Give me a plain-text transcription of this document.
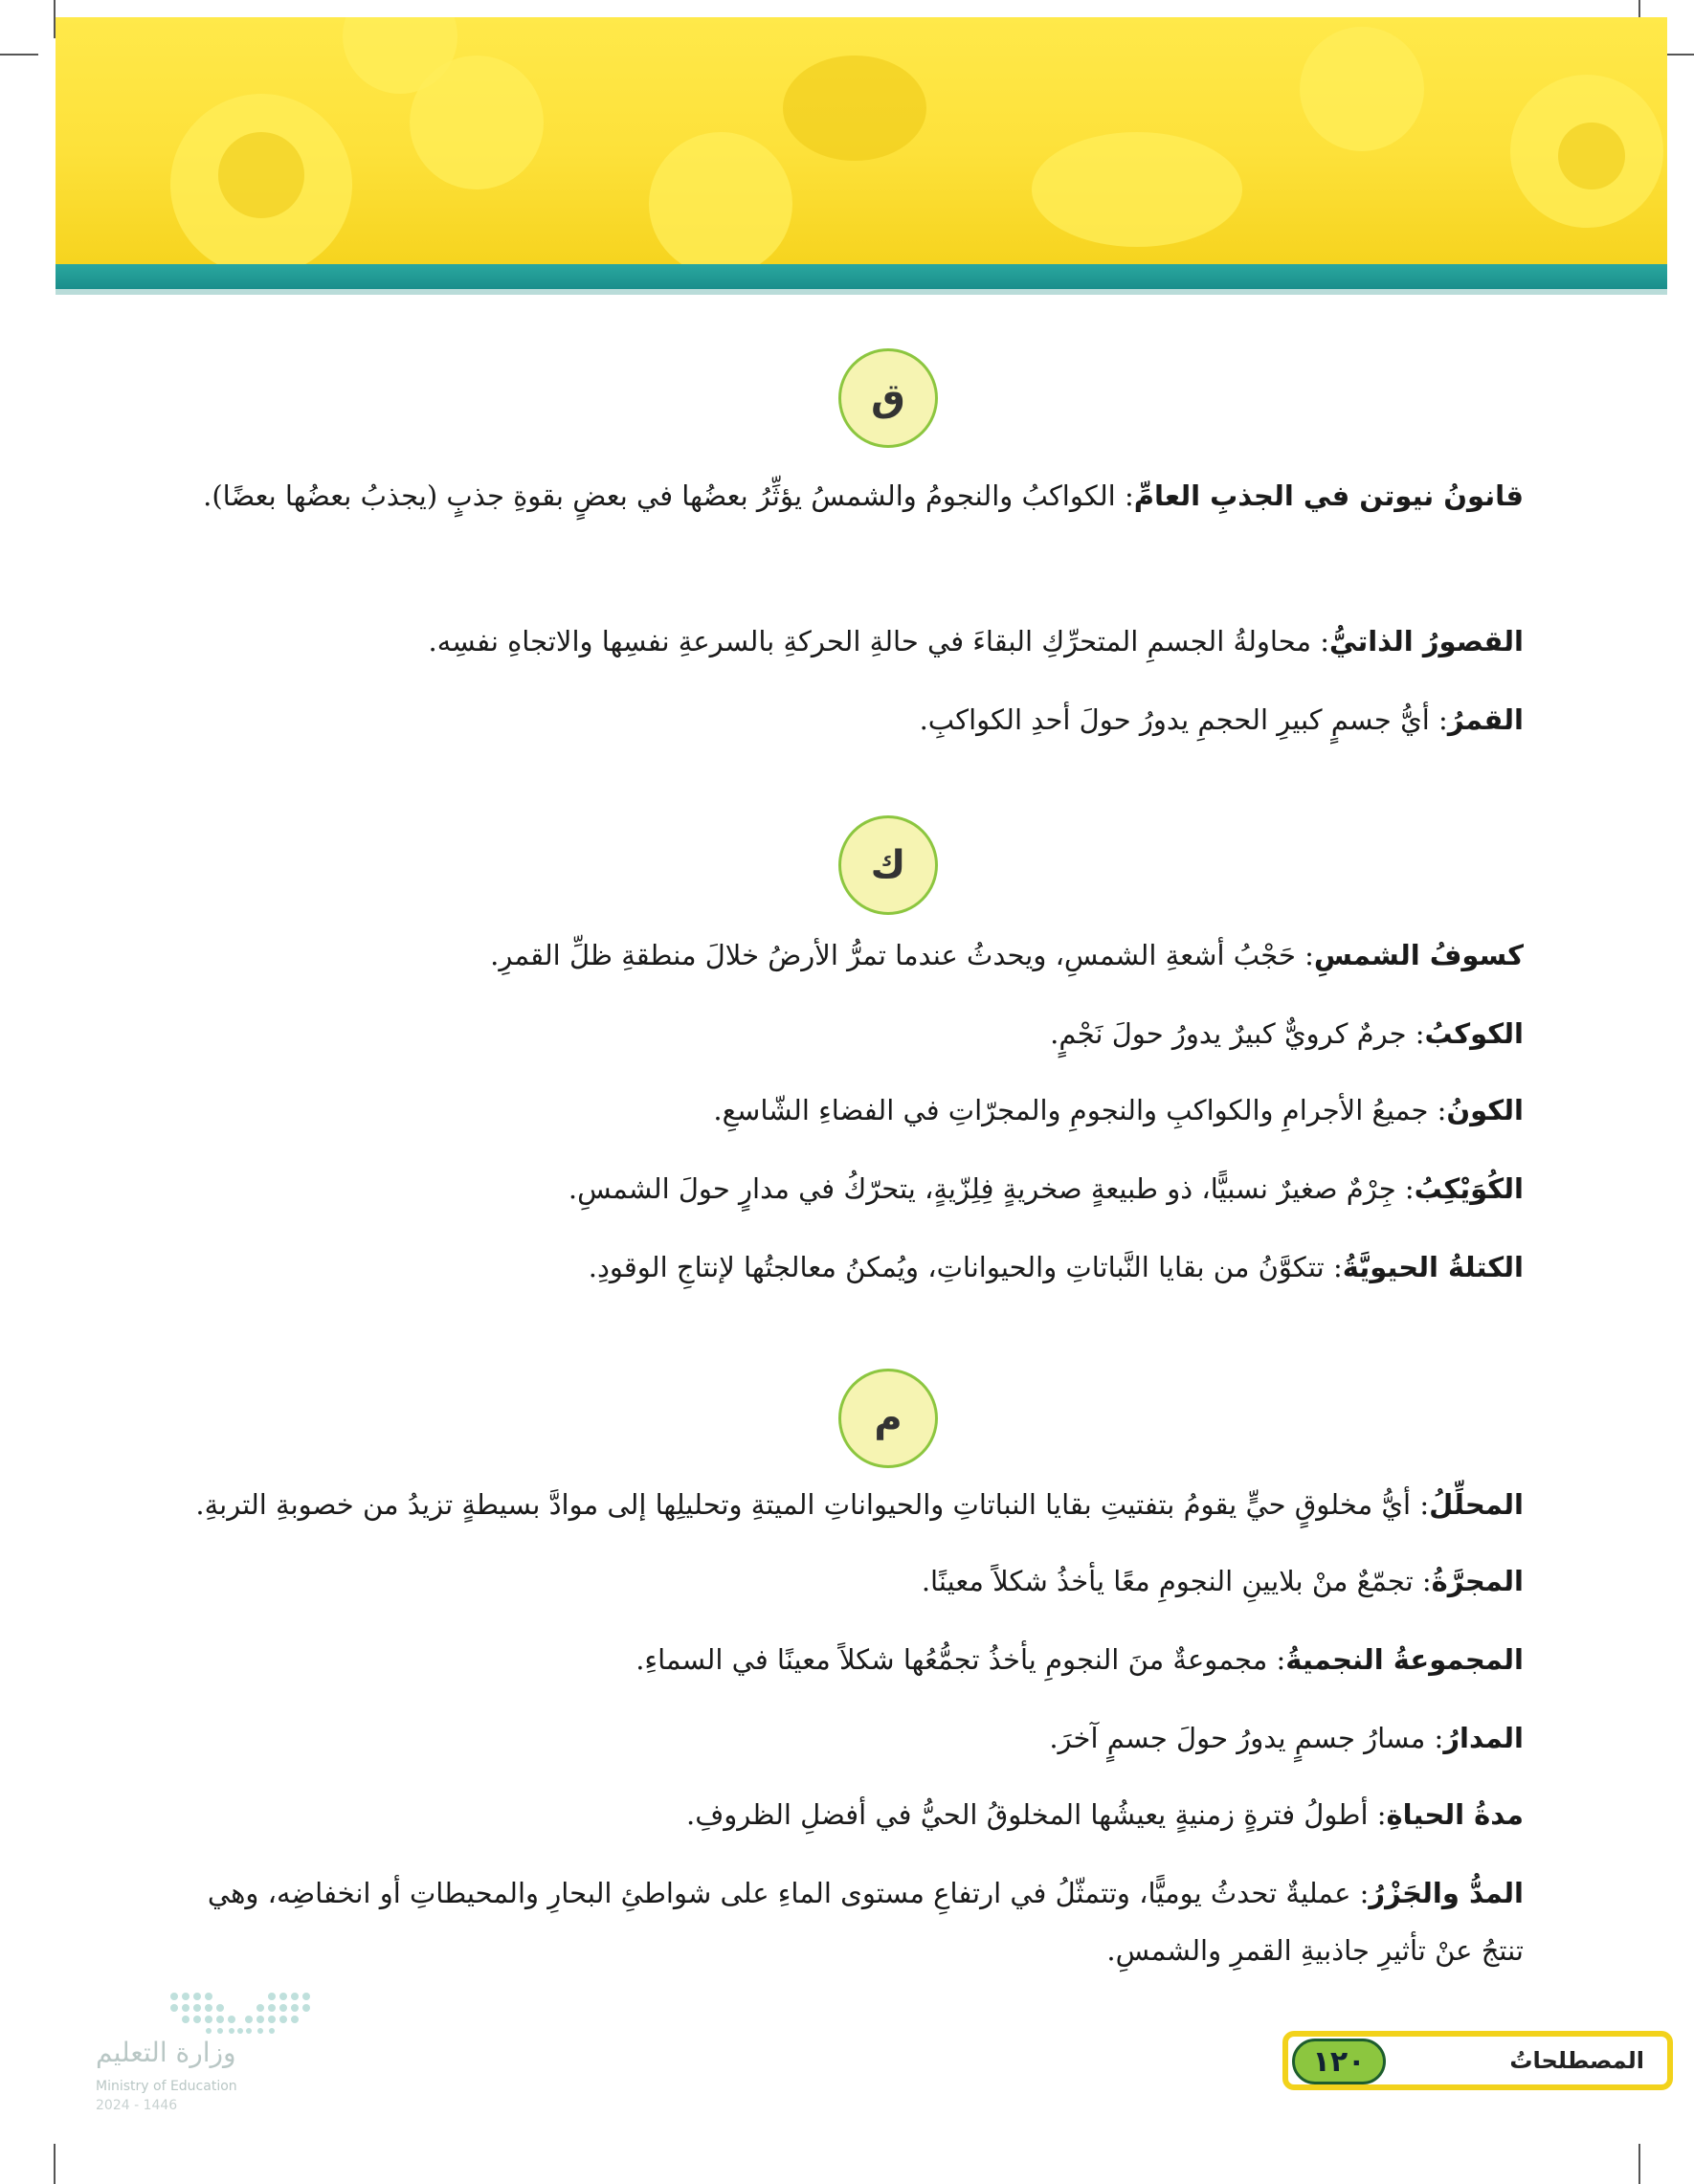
ق
قانونُ نيوتن في الجذبِ العامِّ: الكواكبُ والنجومُ والشمسُ يؤثِّرُ بعضُها في بعضٍ بقوةِ جذبٍ (يجذبُ بعضُها بعضًا).
القصورُ الذاتيُّ: محاولةُ الجسمِ المتحرِّكِ البقاءَ في حالةِ الحركةِ بالسرعةِ نفسِها والاتجاهِ نفسِه.
القمرُ: أيُّ جسمٍ كبيرِ الحجمِ يدورُ حولَ أحدِ الكواكبِ.
ك
كسوفُ الشمسِ: حَجْبُ أشعةِ الشمسِ، ويحدثُ عندما تمرُّ الأرضُ خلالَ منطقةِ ظلِّ القمرِ.
الكوكبُ: جرمٌ كرويٌّ كبيرٌ يدورُ حولَ نَجْمٍ.
الكونُ: جميعُ الأجرامِ والكواكبِ والنجومِ والمجرّاتِ في الفضاءِ الشّاسعِ.
الكُوَيْكِبُ: جِرْمٌ صغيرٌ نسبيًّا، ذو طبيعةٍ صخريةٍ فِلِزّيةٍ، يتحرّكُ في مدارٍ حولَ الشمسِ.
الكتلةُ الحيويَّةُ: تتكوَّنُ من بقايا النَّباتاتِ والحيواناتِ، ويُمكنُ معالجتُها لإنتاجِ الوقودِ.
م
المحلِّلُ: أيُّ مخلوقٍ حيٍّ يقومُ بتفتيتِ بقايا النباتاتِ والحيواناتِ الميتةِ وتحليلِها إلى موادَّ بسيطةٍ تزيدُ من خصوبةِ التربةِ.
المجرَّةُ: تجمّعٌ منْ بلايينِ النجومِ معًا يأخذُ شكلاً معينًا.
المجموعةُ النجميةُ: مجموعةٌ منَ النجومِ يأخذُ تجمُّعُها شكلاً معينًا في السماءِ.
المدارُ: مسارُ جسمٍ يدورُ حولَ جسمٍ آخرَ.
مدةُ الحياةِ: أطولُ فترةٍ زمنيةٍ يعيشُها المخلوقُ الحيُّ في أفضلِ الظروفِ.
المدُّ والجَزْرُ: عمليةٌ تحدثُ يوميًّا، وتتمثّلُ في ارتفاعِ مستوى الماءِ على شواطئِ البحارِ والمحيطاتِ أو انخفاضِه، وهي تنتجُ عنْ تأثيرِ جاذبيةِ القمرِ والشمسِ.
وزارة التعليم
Ministry of Education
2024 - 1446
المصطلحاتُ
١٢٠
